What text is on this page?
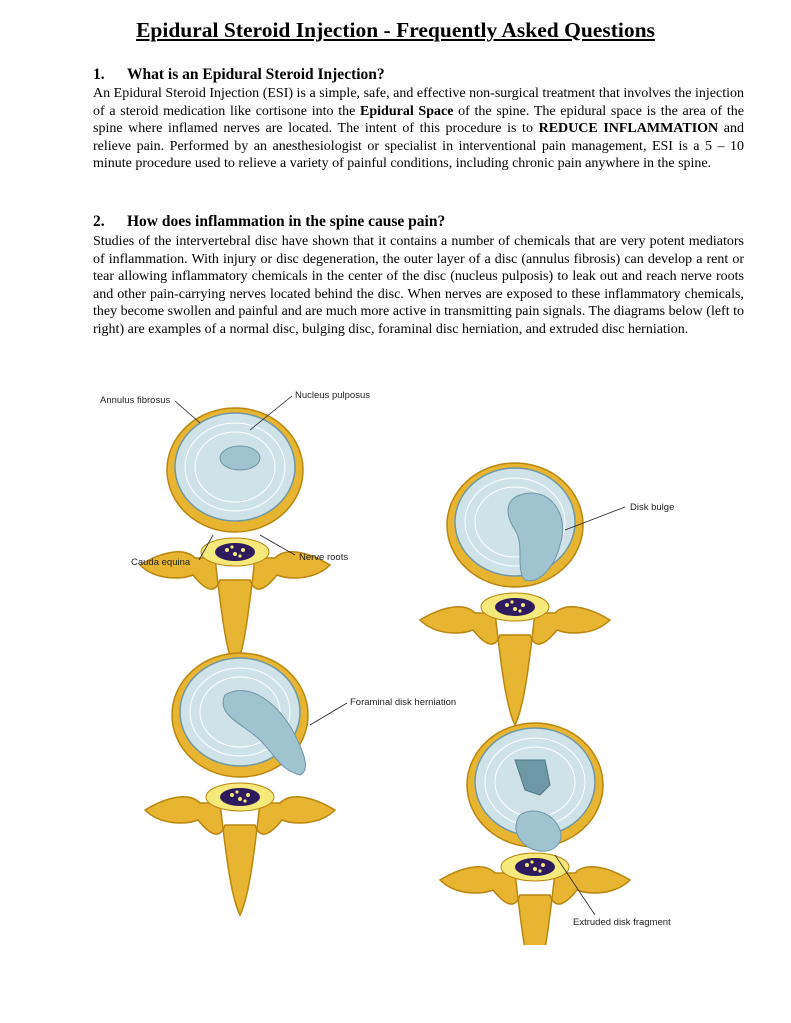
Epidural Steroid Injection - Frequently Asked Questions
1. What is an Epidural Steroid Injection?

An Epidural Steroid Injection (ESI) is a simple, safe, and effective non-surgical treatment that involves the injection of a steroid medication like cortisone into the Epidural Space of the spine. The epidural space is the area of the spine where inflamed nerves are located. The intent of this procedure is to REDUCE INFLAMMATION and relieve pain. Performed by an anesthesiologist or specialist in interventional pain management, ESI is a 5 – 10 minute procedure used to relieve a variety of painful conditions, including chronic pain anywhere in the spine.

2. How does inflammation in the spine cause pain?

Studies of the intervertebral disc have shown that it contains a number of chemicals that are very potent mediators of inflammation. With injury or disc degeneration, the outer layer of a disc (annulus fibrosis) can develop a rent or tear allowing inflammatory chemicals in the center of the disc (nucleus pulposis) to leak out and reach nerve roots and other pain-carrying nerves located behind the disc. When nerves are exposed to these inflammatory chemicals, they become swollen and painful and are much more active in transmitting pain signals. The diagrams below (left to right) are examples of a normal disc, bulging disc, foraminal disc herniation, and extruded disc herniation.

Annulus fibrosus	Nucleus pulposus
Cauda equina	Nerve roots
Disk bulge
Foraminal disk herniation
Extruded disk fragment
